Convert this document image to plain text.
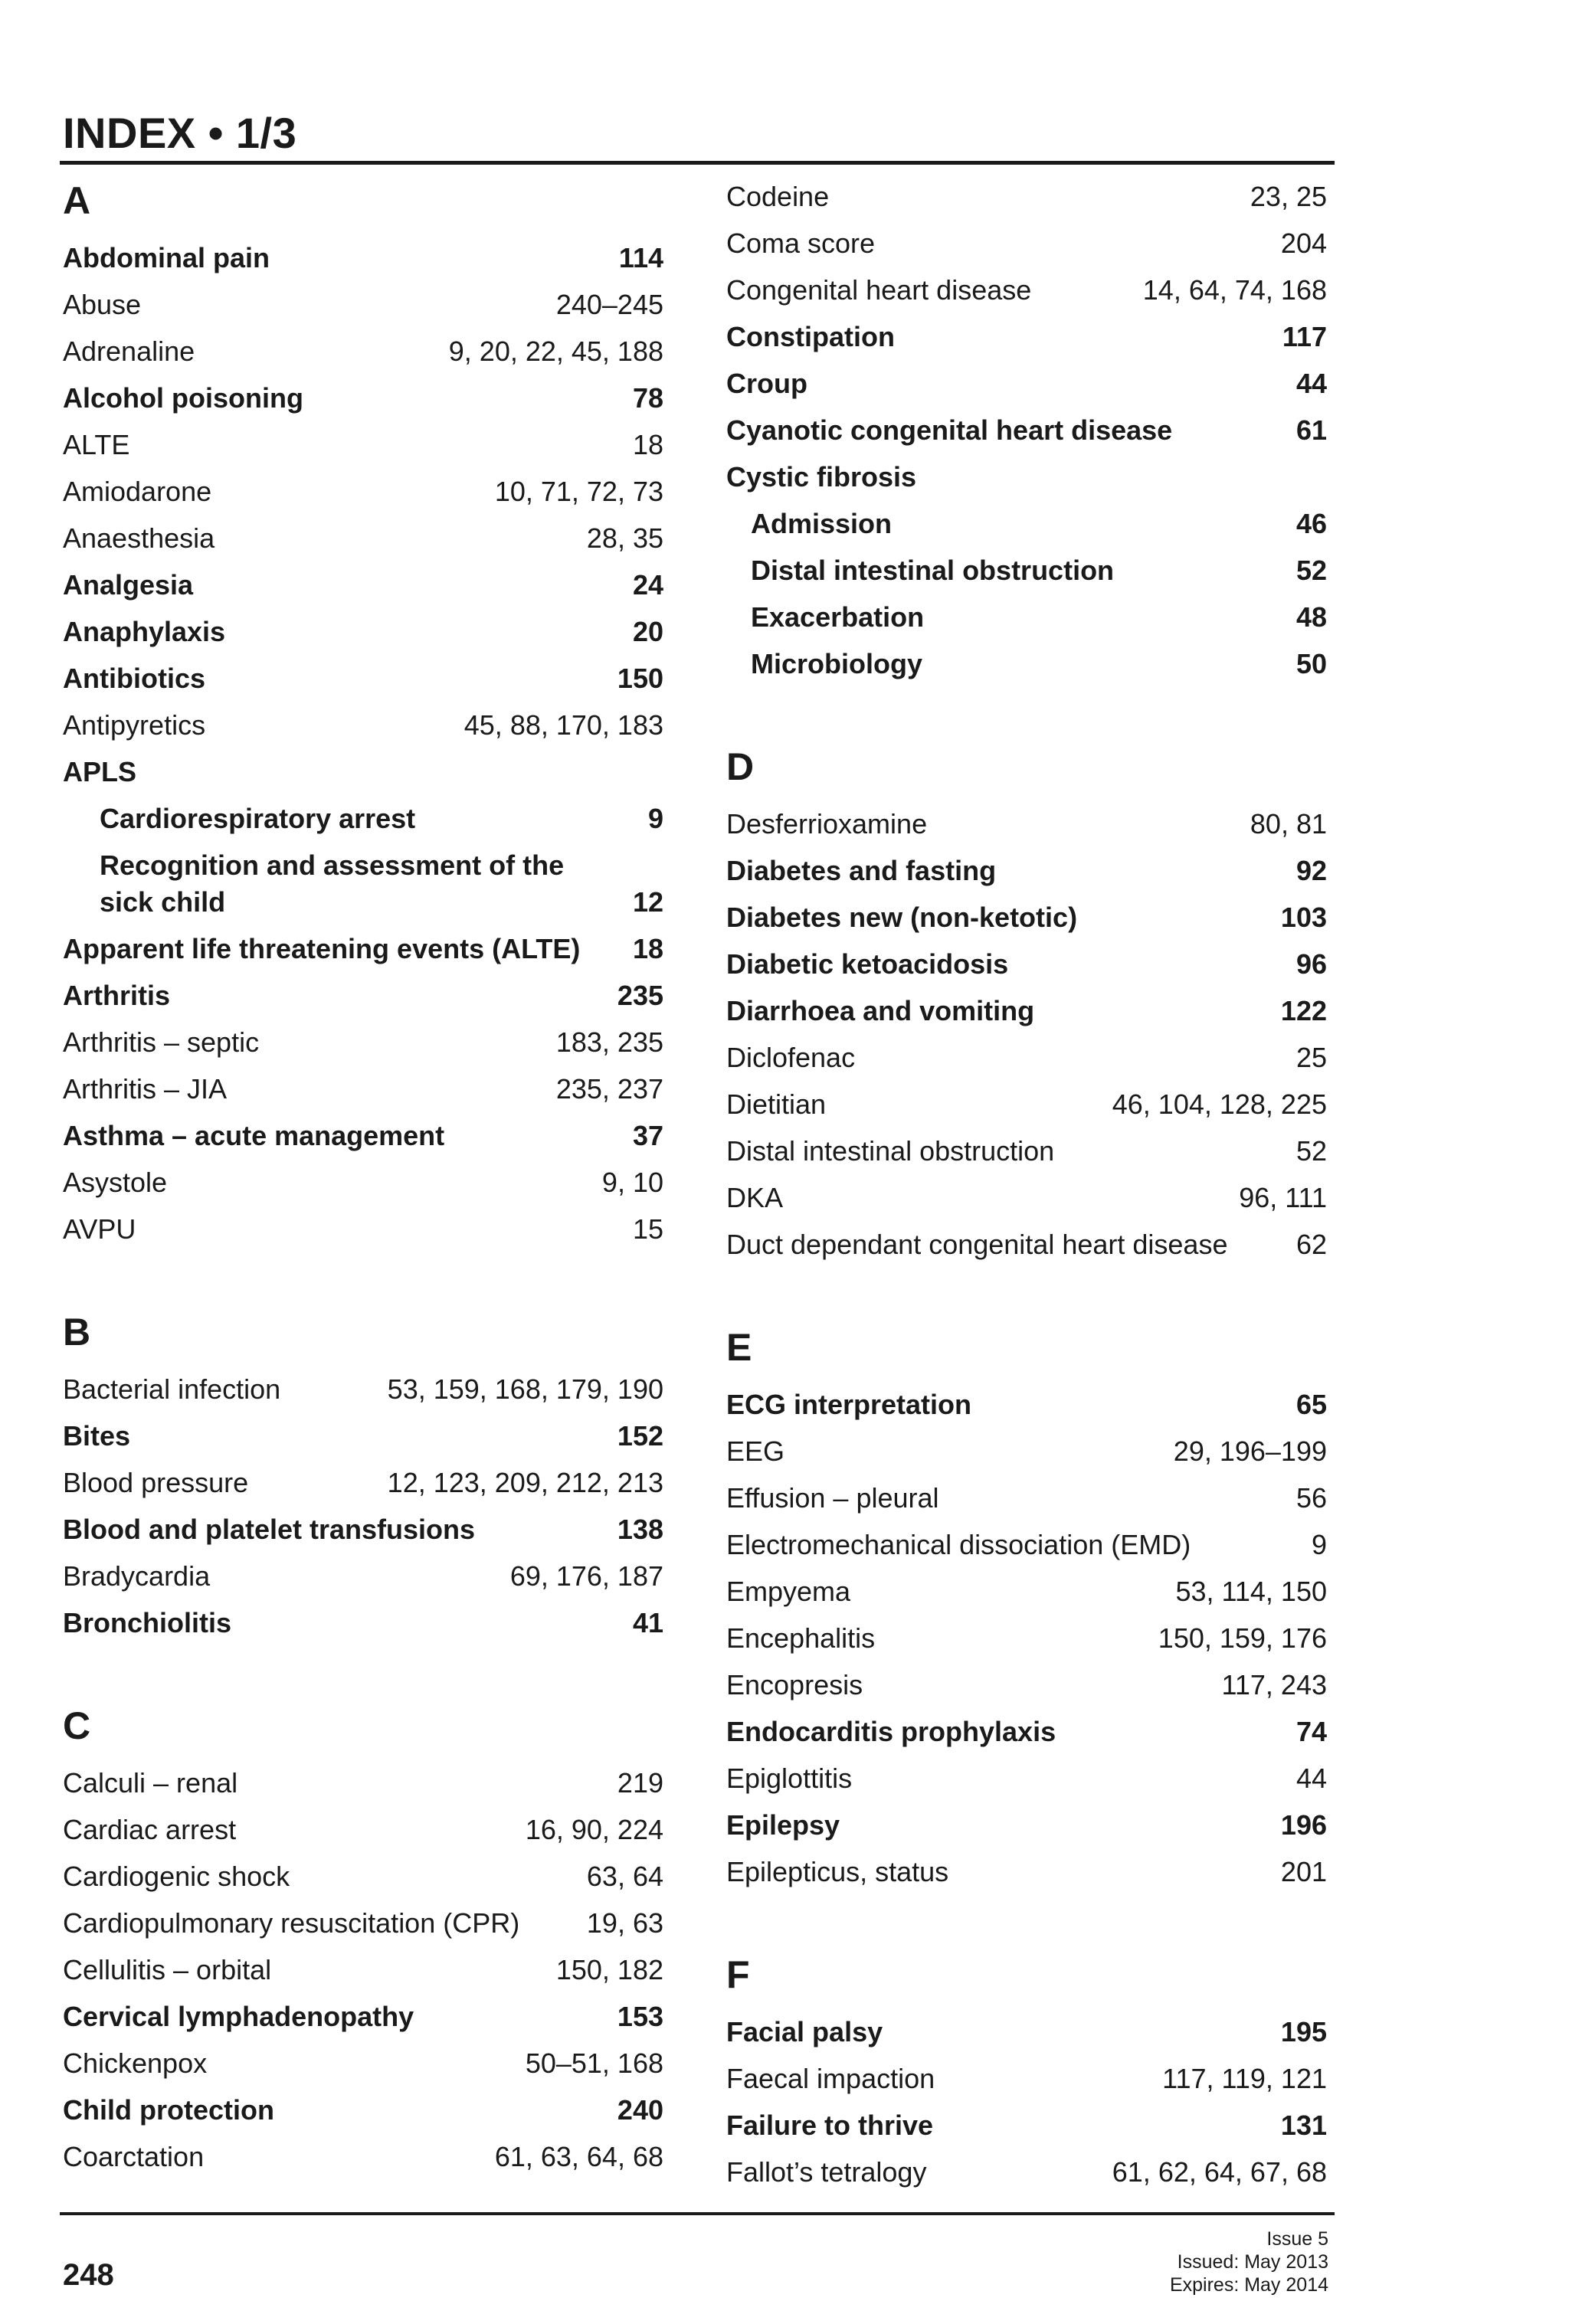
INDEX • 1/3
A
Abdominal pain	114
Abuse	240–245
Adrenaline	9, 20, 22, 45, 188
Alcohol poisoning	78
ALTE	18
Amiodarone	10, 71, 72, 73
Anaesthesia	28, 35
Analgesia	24
Anaphylaxis	20
Antibiotics	150
Antipyretics	45, 88, 170, 183
APLS
Cardiorespiratory arrest	9
Recognition and assessment of the sick child	12
Apparent life threatening events (ALTE)	18
Arthritis	235
Arthritis – septic	183, 235
Arthritis – JIA	235, 237
Asthma – acute management	37
Asystole	9, 10
AVPU	15
B
Bacterial infection	53, 159, 168, 179, 190
Bites	152
Blood pressure	12, 123, 209, 212, 213
Blood and platelet transfusions	138
Bradycardia	69, 176, 187
Bronchiolitis	41
C
Calculi – renal	219
Cardiac arrest	16, 90, 224
Cardiogenic shock	63, 64
Cardiopulmonary resuscitation (CPR)	19, 63
Cellulitis – orbital	150, 182
Cervical lymphadenopathy	153
Chickenpox	50–51, 168
Child protection	240
Coarctation	61, 63, 64, 68
Codeine	23, 25
Coma score	204
Congenital heart disease	14, 64, 74, 168
Constipation	117
Croup	44
Cyanotic congenital heart disease	61
Cystic fibrosis
Admission	46
Distal intestinal obstruction	52
Exacerbation	48
Microbiology	50
D
Desferrioxamine	80, 81
Diabetes and fasting	92
Diabetes new (non-ketotic)	103
Diabetic ketoacidosis	96
Diarrhoea and vomiting	122
Diclofenac	25
Dietitian	46, 104, 128, 225
Distal intestinal obstruction	52
DKA	96, 111
Duct dependant congenital heart disease	62
E
ECG interpretation	65
EEG	29, 196–199
Effusion – pleural	56
Electromechanical dissociation (EMD)	9
Empyema	53, 114, 150
Encephalitis	150, 159, 176
Encopresis	117, 243
Endocarditis prophylaxis	74
Epiglottitis	44
Epilepsy	196
Epilepticus, status	201
F
Facial palsy	195
Faecal impaction	117, 119, 121
Failure to thrive	131
Fallot’s tetralogy	61, 62, 64, 67, 68
248
Issue 5
Issued: May 2013
Expires: May 2014
